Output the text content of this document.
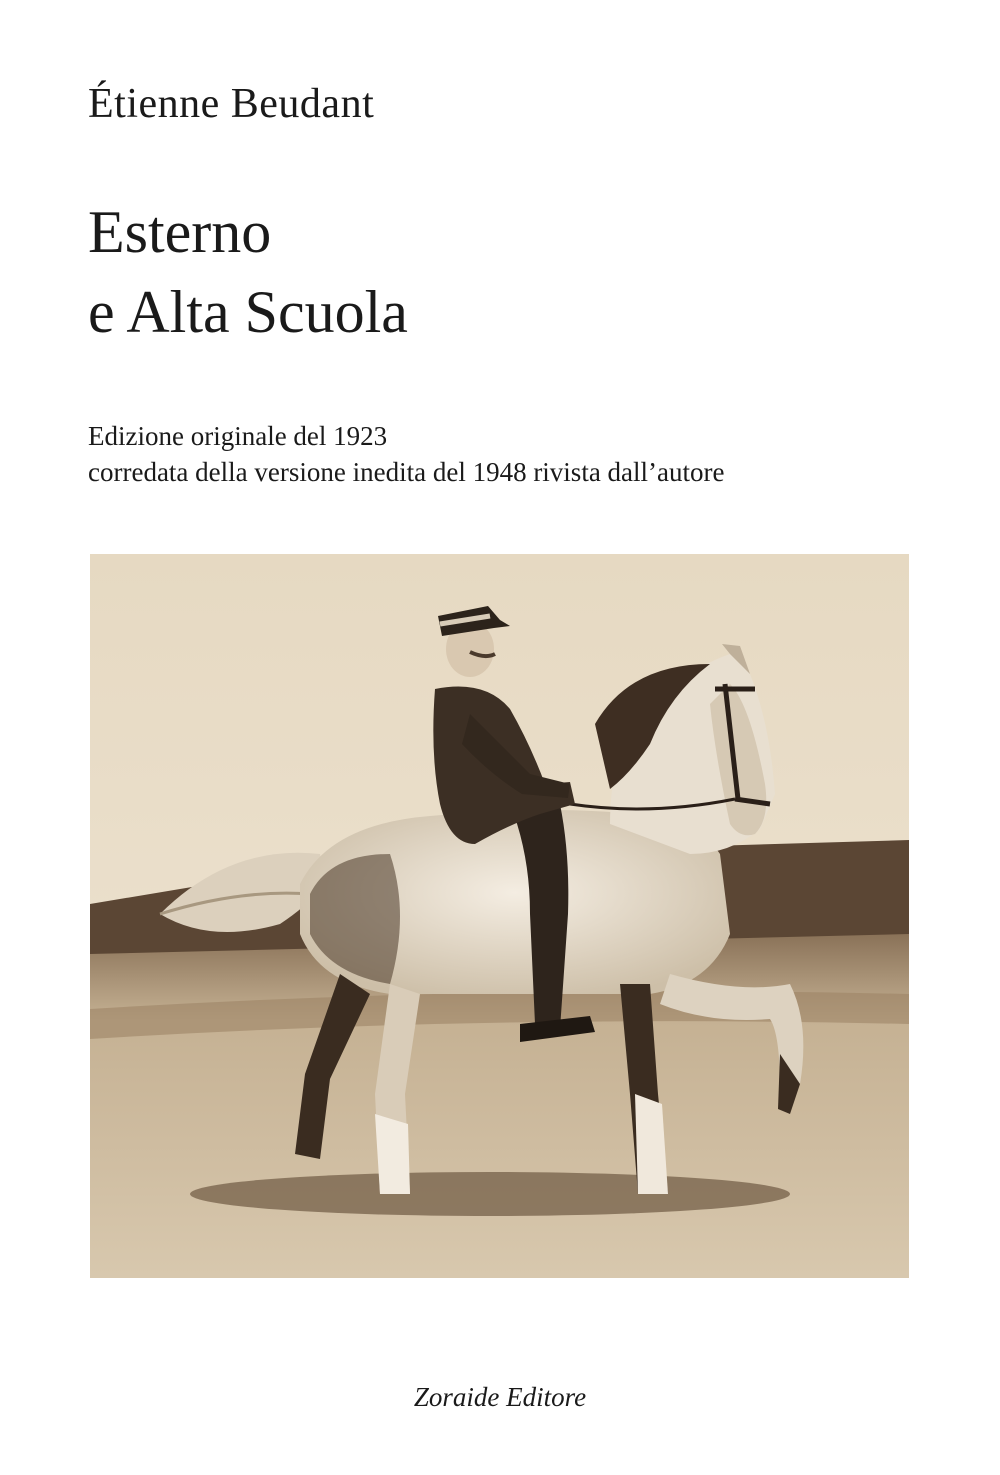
Étienne Beudant
Esterno
e Alta Scuola

Edizione originale del 1923
corredata della versione inedita del 1948 rivista dall’autore

Zoraide Editore
